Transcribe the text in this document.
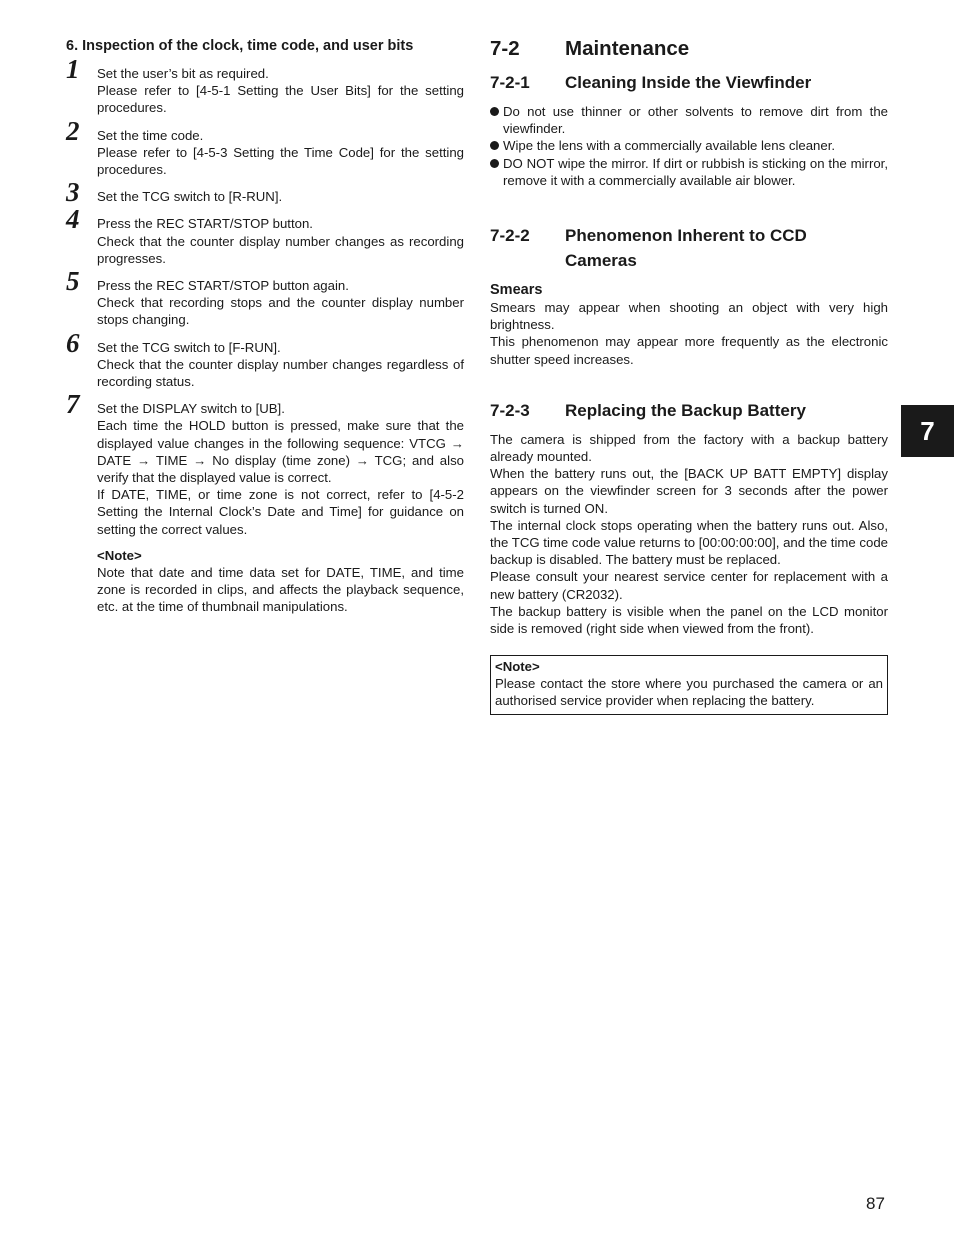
6. Inspection of the clock, time code, and user bits
1 Set the user’s bit as required.

Please refer to [4-5-1 Setting the User Bits] for the setting procedures.

2 Set the time code.

Please refer to [4-5-3 Setting the Time Code] for the setting procedures.

3 Set the TCG switch to [R-RUN].

4 Press the REC START/STOP button.

Check that the counter display number changes as recording progresses.

5 Press the REC START/STOP button again.

Check that recording stops and the counter display number stops changing.

6 Set the TCG switch to [F-RUN].

Check that the counter display number changes regardless of recording status.

7 Set the DISPLAY switch to [UB].

Each time the HOLD button is pressed, make sure that the displayed value changes in the following sequence: VTCG → DATE → TIME → No display (time zone) → TCG; and also verify that the displayed value is correct.

If DATE, TIME, or time zone is not correct, refer to [4-5-2 Setting the Internal Clock’s Date and Time] for guidance on setting the correct values.

<Note>
Note that date and time data set for DATE, TIME, and time zone is recorded in clips, and affects the playback sequence, etc. at the time of thumbnail manipulations.
7-2	Maintenance
7-2-1	Cleaning Inside the Viewfinder
Do not use thinner or other solvents to remove dirt from the viewfinder.
Wipe the lens with a commercially available lens cleaner.
DO NOT wipe the mirror. If dirt or rubbish is sticking on the mirror, remove it with a commercially available air blower.
7-2-2	Phenomenon Inherent to CCD Cameras
Smears

Smears may appear when shooting an object with very high brightness.

This phenomenon may appear more frequently as the electronic shutter speed increases.

7-2-3	Replacing the Backup Battery

The camera is shipped from the factory with a backup battery already mounted.

When the battery runs out, the [BACK UP BATT EMPTY] display appears on the viewfinder screen for 3 seconds after the power switch is turned ON.

The internal clock stops operating when the battery runs out. Also, the TCG time code value returns to [00:00:00:00], and the time code backup is disabled. The battery must be replaced.

Please consult your nearest service center for replacement with a new battery (CR2032).

The backup battery is visible when the panel on the LCD monitor side is removed (right side when viewed from the front).

<Note>
Please contact the store where you purchased the camera or an authorised service provider when replacing the battery.
7
87
